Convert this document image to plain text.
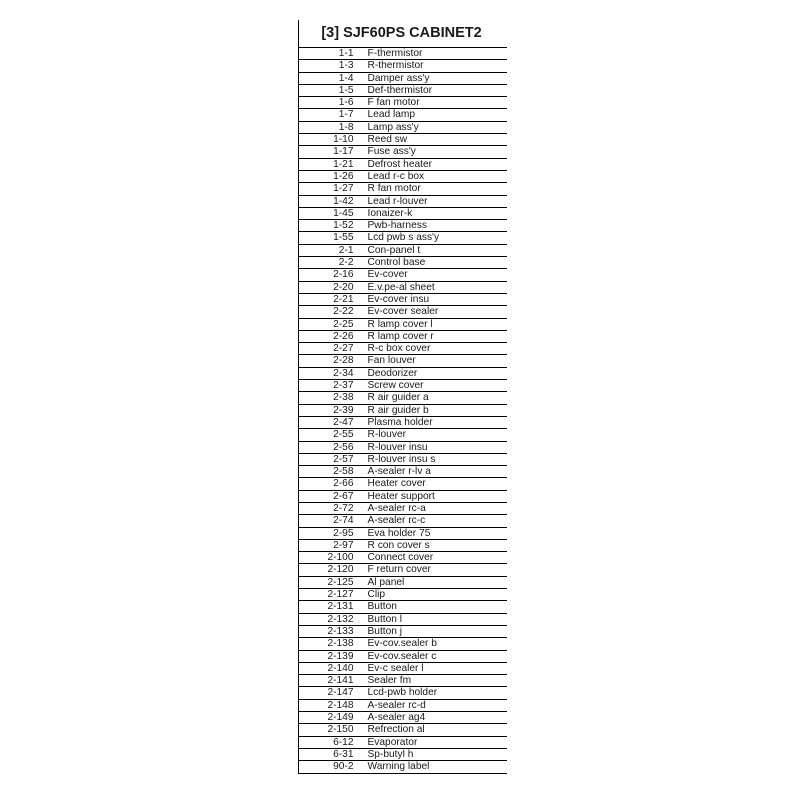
[3] SJF60PS CABINET2
1-1	F-thermistor
1-3	R-thermistor
1-4	Damper ass'y
1-5	Def-thermistor
1-6	F fan motor
1-7	Lead lamp
1-8	Lamp ass'y
1-10	Reed sw
1-17	Fuse ass'y
1-21	Defrost heater
1-26	Lead r-c box
1-27	R fan motor
1-42	Lead r-louver
1-45	Ionaizer-k
1-52	Pwb-harness
1-55	Lcd pwb s ass'y
2-1	Con-panel t
2-2	Control base
2-16	Ev-cover
2-20	E.v.pe-al sheet
2-21	Ev-cover insu
2-22	Ev-cover sealer
2-25	R lamp cover l
2-26	R lamp cover r
2-27	R-c box cover
2-28	Fan louver
2-34	Deodorizer
2-37	Screw cover
2-38	R air guider a
2-39	R air guider b
2-47	Plasma holder
2-55	R-louver
2-56	R-louver insu
2-57	R-louver insu s
2-58	A-sealer r-lv a
2-66	Heater cover
2-67	Heater support
2-72	A-sealer rc-a
2-74	A-sealer rc-c
2-95	Eva holder 75
2-97	R con cover s
2-100	Connect cover
2-120	F return cover
2-125	Al panel
2-127	Clip
2-131	Button
2-132	Button l
2-133	Button j
2-138	Ev-cov.sealer b
2-139	Ev-cov.sealer c
2-140	Ev-c sealer l
2-141	Sealer fm
2-147	Lcd-pwb holder
2-148	A-sealer rc-d
2-149	A-sealer ag4
2-150	Refrection al
6-12	Evaporator
6-31	Sp-butyl h
90-2	Warning label
